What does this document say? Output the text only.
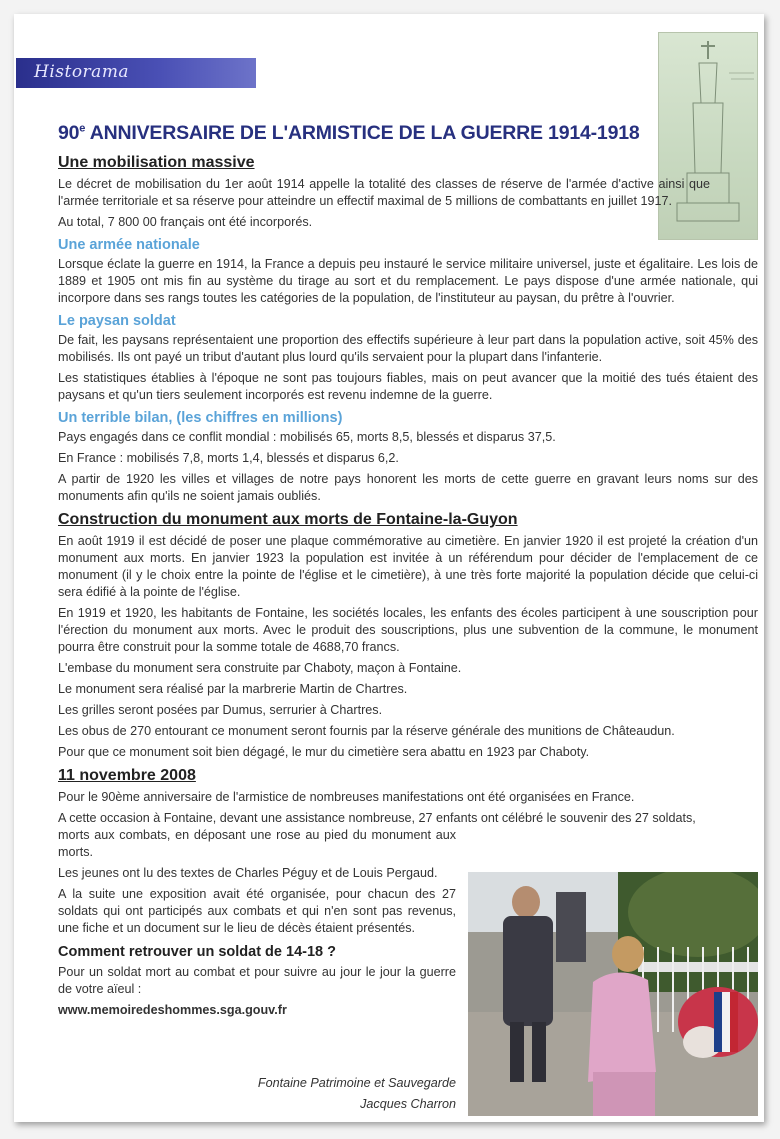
Historama
90e ANNIVERSAIRE DE L'ARMISTICE DE LA GUERRE 1914-1918
Une mobilisation massive

Le décret de mobilisation du 1er août 1914 appelle la totalité des classes de réserve de l'armée d'active ainsi que l'armée territoriale et sa réserve pour atteindre un effectif maximal de 5 millions de combattants en juillet 1917.

Au total, 7 800 00 français ont été incorporés.

Une armée nationale

Lorsque éclate la guerre en 1914, la France a depuis peu instauré le service militaire universel, juste et égalitaire. Les lois de 1889 et 1905 ont mis fin au système du tirage au sort et du remplacement. Le pays dispose d'une armée nationale, qui incorpore dans ses rangs toutes les catégories de la population, de l'instituteur au paysan, du prêtre à l'ouvrier.

Le paysan soldat

De fait, les paysans représentaient une proportion des effectifs supérieure à leur part dans la population active, soit 45% des mobilisés. Ils ont payé un tribut d'autant plus lourd qu'ils servaient pour la plupart dans l'infanterie.

Les statistiques établies à l'époque ne sont pas toujours fiables, mais on peut avancer que la moitié des tués étaient des paysans et qu'un tiers seulement incorporés est revenu indemne de la guerre.

Un terrible bilan, (les chiffres en millions)

Pays engagés dans ce conflit mondial : mobilisés 65, morts 8,5, blessés et disparus 37,5.

En France : mobilisés 7,8, morts 1,4, blessés et disparus 6,2.

A partir de 1920 les villes et villages de notre pays honorent les morts de cette guerre en gravant leurs noms sur des monuments afin qu'ils ne soient jamais oubliés.

Construction du monument aux morts de Fontaine-la-Guyon

En août 1919 il est décidé de poser une plaque commémorative au cimetière. En janvier 1920 il est projeté la création d'un monument aux morts. En janvier 1923 la population est invitée à un référendum pour décider de l'emplacement de ce monument (il y le choix entre la pointe de l'église et le cimetière), à une très forte majorité la population décide que celui-ci sera édifié à la pointe de l'église.

En 1919 et 1920, les habitants de Fontaine, les sociétés locales, les enfants des écoles participent à une souscription pour l'érection du monument aux morts. Avec le produit des souscriptions, plus une subvention de la commune, le monument pourra être construit pour la somme totale de 4688,70 francs.

L'embase du monument sera construite par Chaboty, maçon à Fontaine.

Le monument sera réalisé par la marbrerie Martin de Chartres.

Les grilles seront posées par Dumus, serrurier à Chartres.

Les obus de 270 entourant ce monument seront fournis par la réserve générale des munitions de Châteaudun.

Pour que ce monument soit bien dégagé, le mur du cimetière sera abattu en 1923 par Chaboty.

11 novembre 2008

Pour le 90ème anniversaire de l'armistice de nombreuses manifestations ont été organisées en France.

A cette occasion à Fontaine, devant une assistance nombreuse, 27 enfants ont célébré le souvenir des 27 soldats,

morts aux combats, en déposant une rose au pied du monument aux morts.

Les jeunes ont lu des textes de Charles Péguy et de Louis Pergaud.

A la suite une exposition avait été organisée, pour chacun des 27 soldats qui ont participés aux combats et qui n'en sont pas revenus, une fiche et un document sur le lieu de décès étaient présentés.

Comment retrouver un soldat de 14-18 ?

Pour un soldat mort au combat et pour suivre au jour le jour la guerre de votre aïeul :

www.memoiredeshommes.sga.gouv.fr

Fontaine Patrimoine et Sauvegarde
Jacques Charron
